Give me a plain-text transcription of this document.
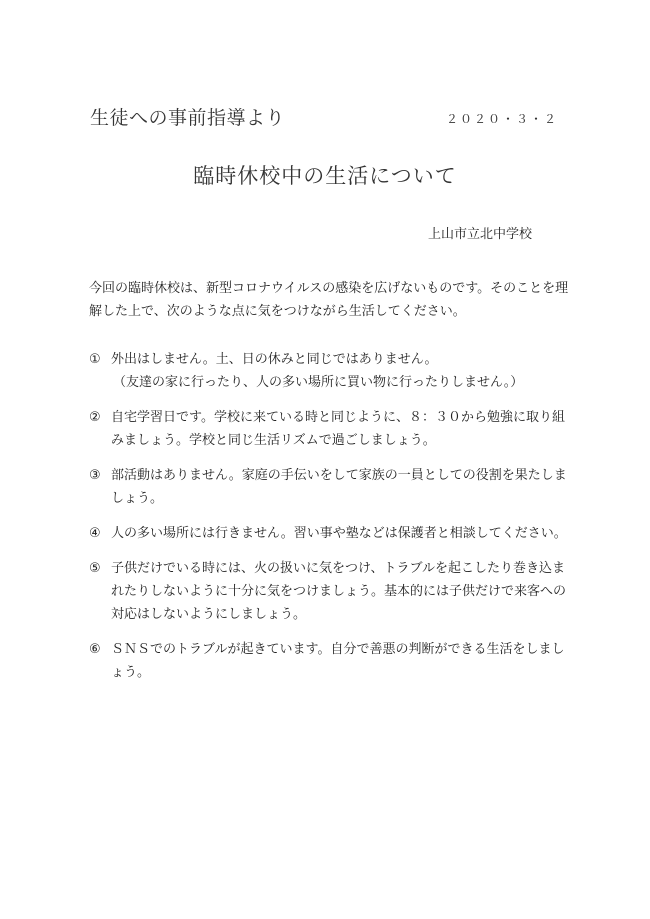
生徒への事前指導より	２０２０・３・２
臨時休校中の生活について
上山市立北中学校
今回の臨時休校は、新型コロナウイルスの感染を広げないものです。そのことを理解した上で、次のような点に気をつけながら生活してください。
① 外出はしません。土、日の休みと同じではありません。
（友達の家に行ったり、人の多い場所に買い物に行ったりしません。）
② 自宅学習日です。学校に来ている時と同じように、８：３０から勉強に取り組みましょう。学校と同じ生活リズムで過ごしましょう。
③ 部活動はありません。家庭の手伝いをして家族の一員としての役割を果たしましょう。
④ 人の多い場所には行きません。習い事や塾などは保護者と相談してください。
⑤ 子供だけでいる時には、火の扱いに気をつけ、トラブルを起こしたり巻き込まれたりしないように十分に気をつけましょう。基本的には子供だけで来客への対応はしないようにしましょう。
⑥ ＳＮＳでのトラブルが起きています。自分で善悪の判断ができる生活をしましょう。
